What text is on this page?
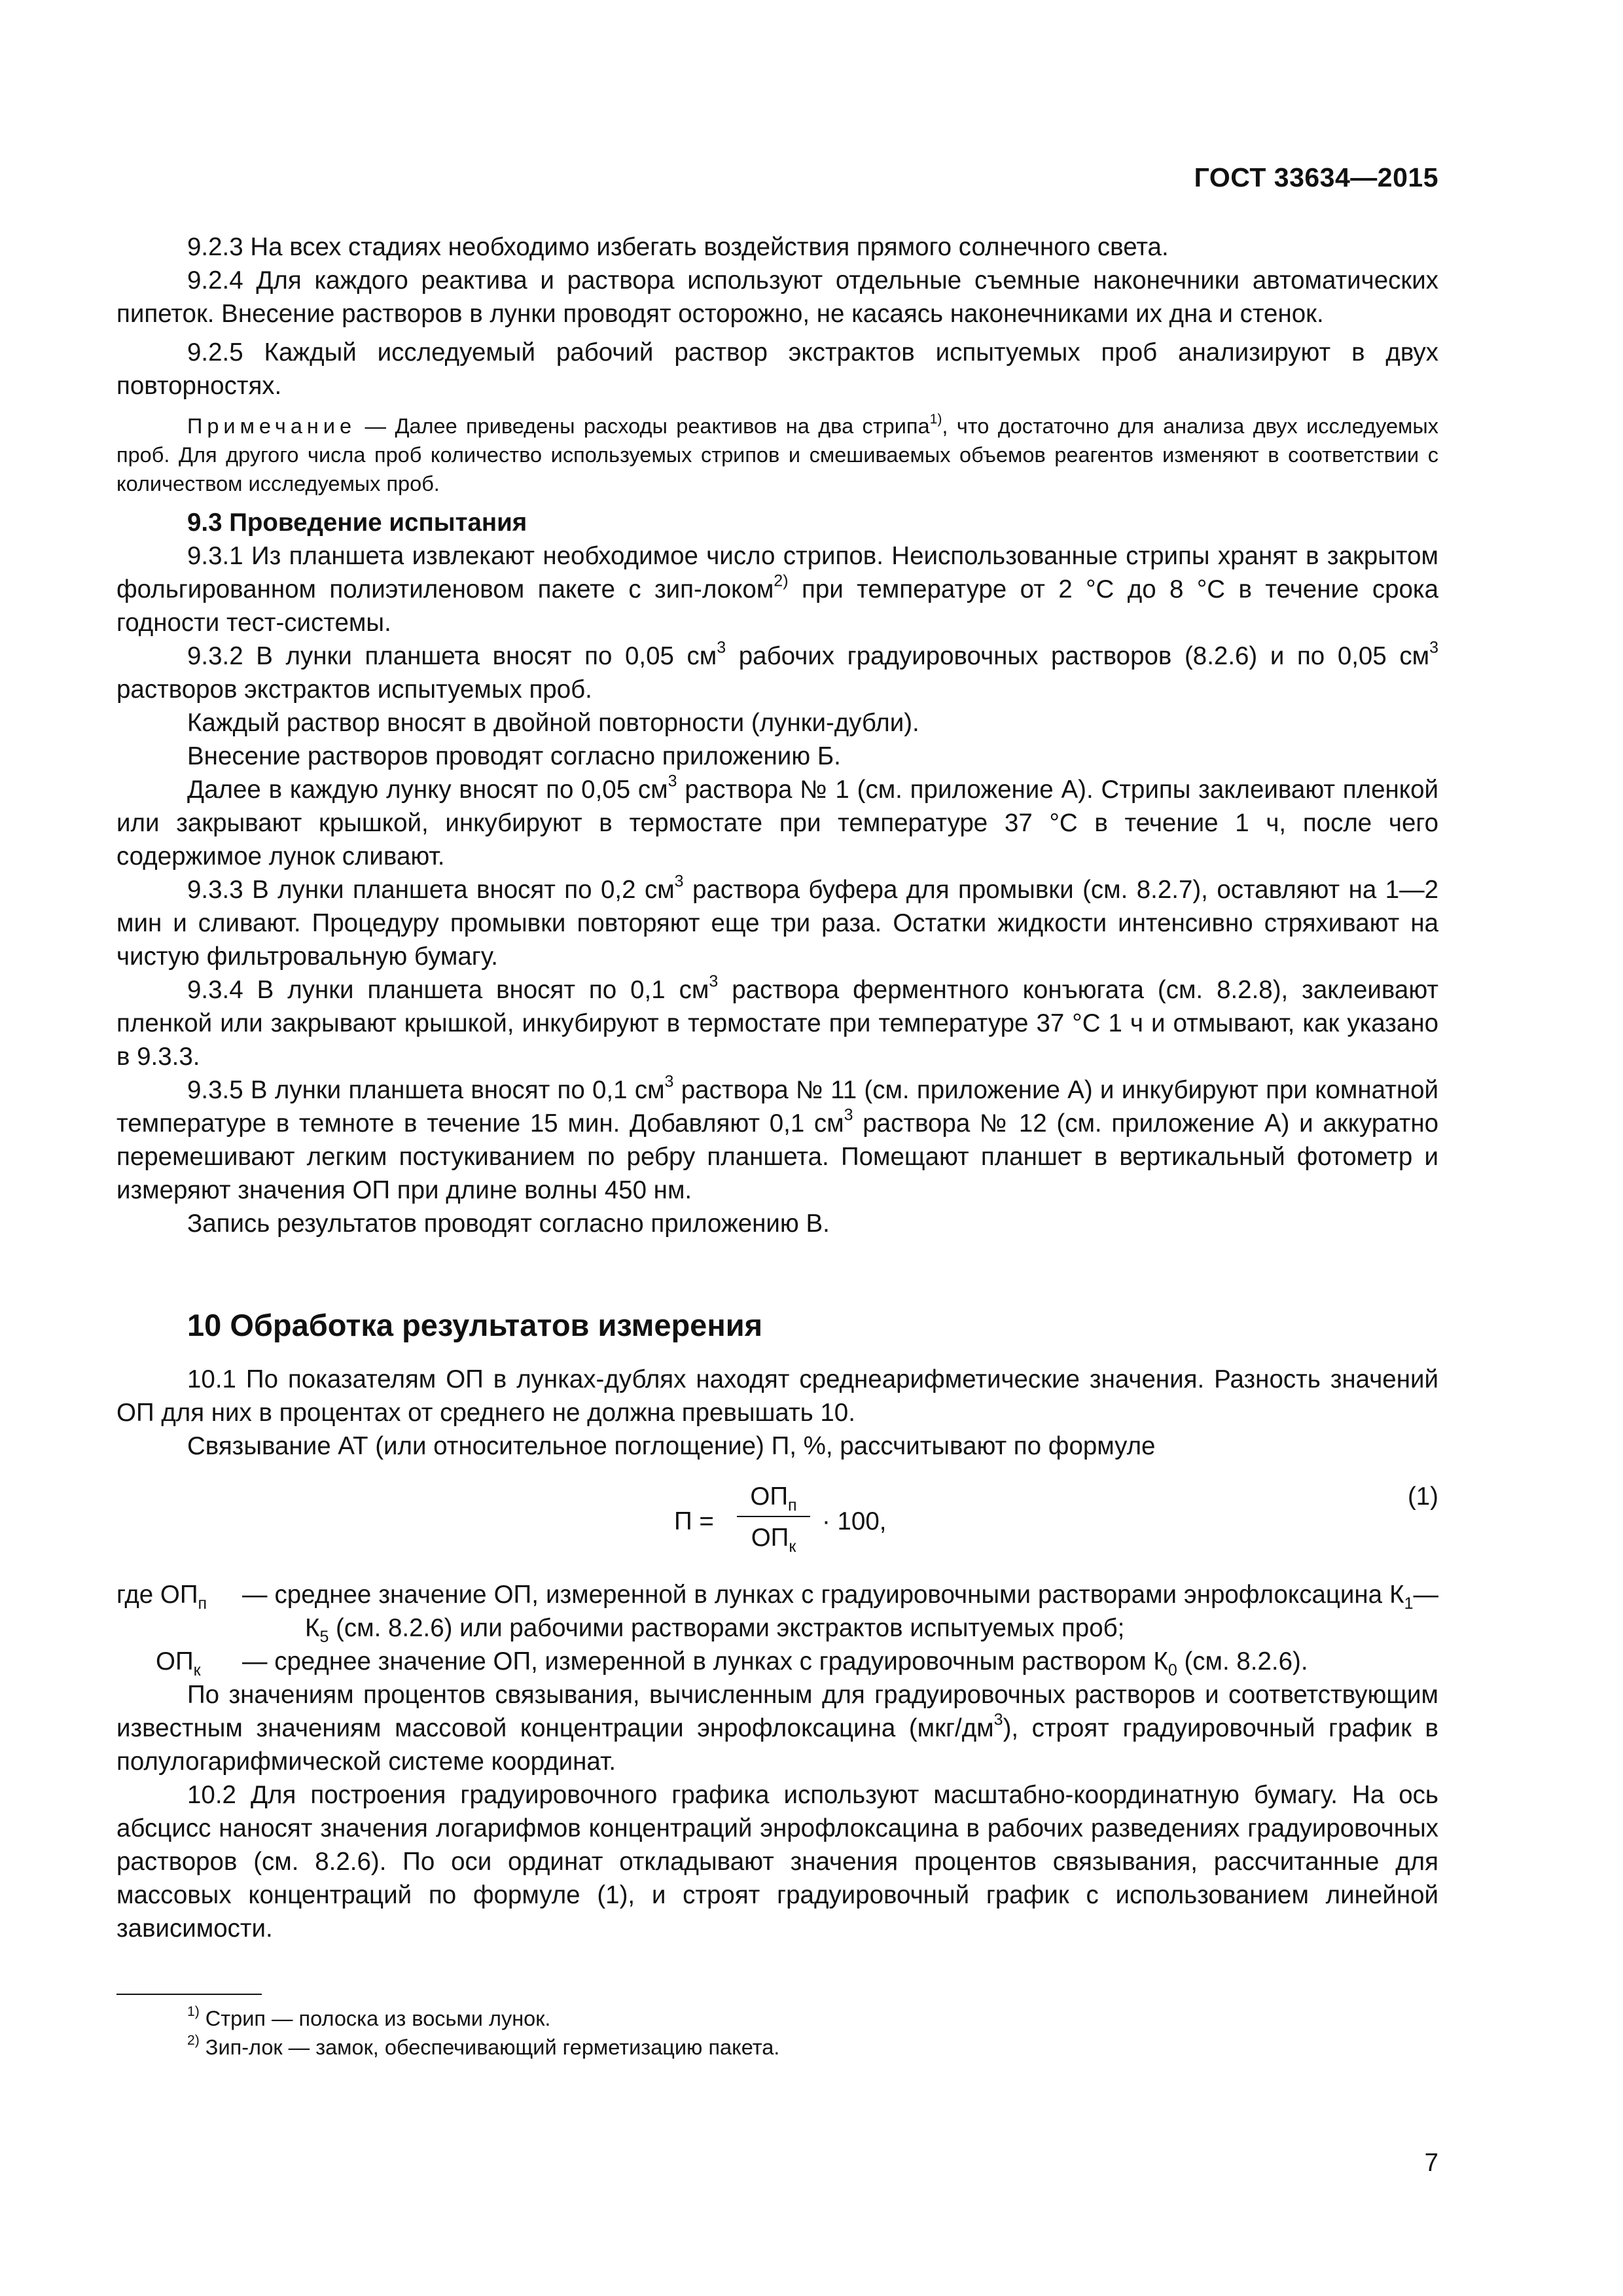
ГОСТ 33634—2015

9.2.3 На всех стадиях необходимо избегать воздействия прямого солнечного света.

9.2.4 Для каждого реактива и раствора используют отдельные съемные наконечники автоматических пипеток. Внесение растворов в лунки проводят осторожно, не касаясь наконечниками их дна и стенок.

9.2.5 Каждый исследуемый рабочий раствор экстрактов испытуемых проб анализируют в двух повторностях.

Примечание — Далее приведены расходы реактивов на два стрипа$^{1)}$, что достаточно для анализа двух исследуемых проб. Для другого числа проб количество используемых стрипов и смешиваемых объемов реагентов изменяют в соответствии с количеством исследуемых проб.

9.3 Проведение испытания

9.3.1 Из планшета извлекают необходимое число стрипов. Неиспользованные стрипы хранят в закрытом фольгированном полиэтиленовом пакете с зип-локом$^{2)}$ при температуре от 2 °С до 8 °С в течение срока годности тест-системы.

9.3.2 В лунки планшета вносят по 0,05 $см^3$ рабочих градуировочных растворов (8.2.6) и по 0,05 $см^3$ растворов экстрактов испытуемых проб.

Каждый раствор вносят в двойной повторности (лунки-дубли).

Внесение растворов проводят согласно приложению Б.

Далее в каждую лунку вносят по 0,05 $см^3$ раствора № 1 (см. приложение А). Стрипы заклеивают пленкой или закрывают крышкой, инкубируют в термостате при температуре 37 °С в течение 1 ч, после чего содержимое лунок сливают.

9.3.3 В лунки планшета вносят по 0,2 $см^3$ раствора буфера для промывки (см. 8.2.7), оставляют на 1—2 мин и сливают. Процедуру промывки повторяют еще три раза. Остатки жидкости интенсивно стряхивают на чистую фильтровальную бумагу.

9.3.4 В лунки планшета вносят по 0,1 $см^3$ раствора ферментного конъюгата (см. 8.2.8), заклеивают пленкой или закрывают крышкой, инкубируют в термостате при температуре 37 °С 1 ч и отмывают, как указано в 9.3.3.

9.3.5 В лунки планшета вносят по 0,1 $см^3$ раствора № 11 (см. приложение А) и инкубируют при комнатной температуре в темноте в течение 15 мин. Добавляют 0,1 $см^3$ раствора № 12 (см. приложение А) и аккуратно перемешивают легким постукиванием по ребру планшета. Помещают планшет в вертикальный фотометр и измеряют значения ОП при длине волны 450 нм.

Запись результатов проводят согласно приложению В.

10 Обработка результатов измерения

10.1 По показателям ОП в лунках-дублях находят среднеарифметические значения. Разность значений ОП для них в процентах от среднего не должна превышать 10.

Связывание АТ (или относительное поглощение) П, %, рассчитывают по формуле

П =
$ОП_п$
$ОП_к$
· 100,
(1)
где $ОП_п$ — среднее значение ОП, измеренной в лунках с градуировочными растворами энрофлоксацина $К_1—К_5$ (см. 8.2.6) или рабочими растворами экстрактов испытуемых проб;

$ОП_к$ — среднее значение ОП, измеренной в лунках с градуировочным раствором $К_0$ (см. 8.2.6).

По значениям процентов связывания, вычисленным для градуировочных растворов и соответствующим известным значениям массовой концентрации энрофлоксацина $(мкг/дм^3)$, строят градуировочный график в полулогарифмической системе координат.

10.2 Для построения градуировочного графика используют масштабно-координатную бумагу. На ось абсцисс наносят значения логарифмов концентраций энрофлоксацина в рабочих разведениях градуировочных растворов (см. 8.2.6). По оси ординат откладывают значения процентов связывания, рассчитанные для массовых концентраций по формуле (1), и строят градуировочный график с использованием линейной зависимости.

$^{1)}$ Стрип — полоска из восьми лунок.
$^{2)}$ Зип-лок — замок, обеспечивающий герметизацию пакета.
7
